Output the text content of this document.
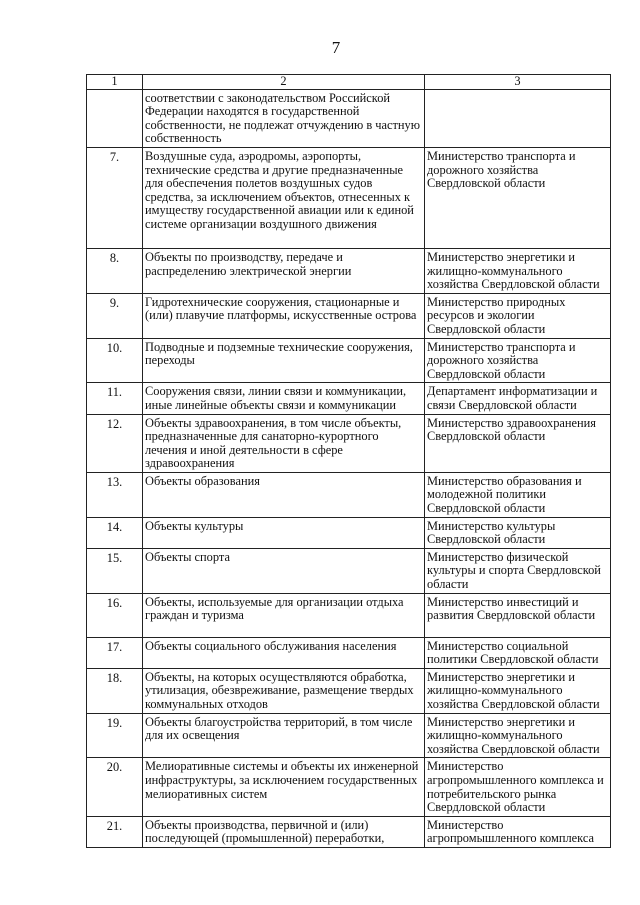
7
1	2	3
	соответствии с законодательством Российской Федерации находятся в государственной собственности, не подлежат отчуждению в частную собственность	
7.	Воздушные суда, аэродромы, аэропорты, технические средства и другие предназначенные для обеспечения полетов воздушных судов средства, за исключением объектов, отнесенных к имуществу государственной авиации или к единой системе организации воздушного движения	Министерство транспорта и дорожного хозяйства Свердловской области
8.	Объекты по производству, передаче и распределению электрической энергии	Министерство энергетики и жилищно-коммунального хозяйства Свердловской области
9.	Гидротехнические сооружения, стационарные и (или) плавучие платформы, искусственные острова	Министерство природных ресурсов и экологии Свердловской области
10.	Подводные и подземные технические сооружения, переходы	Министерство транспорта и дорожного хозяйства Свердловской области
11.	Сооружения связи, линии связи и коммуникации, иные линейные объекты связи и коммуникации	Департамент информатизации и связи Свердловской области
12.	Объекты здравоохранения, в том числе объекты, предназначенные для санаторно-курортного лечения и иной деятельности в сфере здравоохранения	Министерство здравоохранения Свердловской области
13.	Объекты образования	Министерство образования и молодежной политики Свердловской области
14.	Объекты культуры	Министерство культуры Свердловской области
15.	Объекты спорта	Министерство физической культуры и спорта Свердловской области
16.	Объекты, используемые для организации отдыха граждан и туризма	Министерство инвестиций и развития Свердловской области
17.	Объекты социального обслуживания населения	Министерство социальной политики Свердловской области
18.	Объекты, на которых осуществляются обработка, утилизация, обезвреживание, размещение твердых коммунальных отходов	Министерство энергетики и жилищно-коммунального хозяйства Свердловской области
19.	Объекты благоустройства территорий, в том числе для их освещения	Министерство энергетики и жилищно-коммунального хозяйства Свердловской области
20.	Мелиоративные системы и объекты их инженерной инфраструктуры, за исключением государственных мелиоративных систем	Министерство агропромышленного комплекса и потребительского рынка Свердловской области
21.	Объекты производства, первичной и (или) последующей (промышленной) переработки,	Министерство агропромышленного комплекса
